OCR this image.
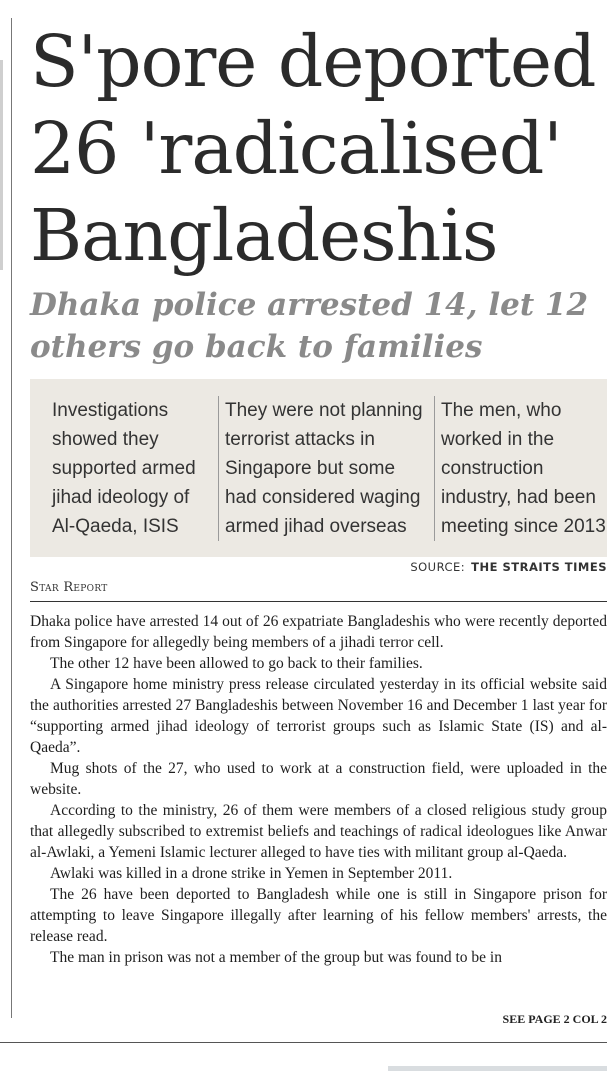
S'pore deported
26 'radicalised'
Bangladeshis
Dhaka police arrested 14, let 12
others go back to families
Investigations showed they supported armed jihad ideology of Al-Qaeda, ISIS
They were not planning terrorist attacks in Singapore but some had considered waging armed jihad overseas
The men, who worked in the construction industry, had been meeting since 2013
SOURCE: THE STRAITS TIMES
Star Report

Dhaka police have arrested 14 out of 26 expatriate Bangladeshis who were recently deported from Singapore for allegedly being members of a jihadi terror cell.

The other 12 have been allowed to go back to their families.

A Singapore home ministry press release circulated yesterday in its official website said the authorities arrested 27 Bangladeshis between November 16 and December 1 last year for “supporting armed jihad ideology of terrorist groups such as Islamic State (IS) and al-Qaeda”.

Mug shots of the 27, who used to work at a construction field, were uploaded in the website.

According to the ministry, 26 of them were members of a closed religious study group that allegedly subscribed to extremist beliefs and teachings of radical ideologues like Anwar al-Awlaki, a Yemeni Islamic lecturer alleged to have ties with militant group al-Qaeda.

Awlaki was killed in a drone strike in Yemen in September 2011.

The 26 have been deported to Bangladesh while one is still in Singapore prison for attempting to leave Singapore illegally after learning of his fellow members' arrests, the release read.

The man in prison was not a member of the group but was found to be in

SEE PAGE 2 COL 2
